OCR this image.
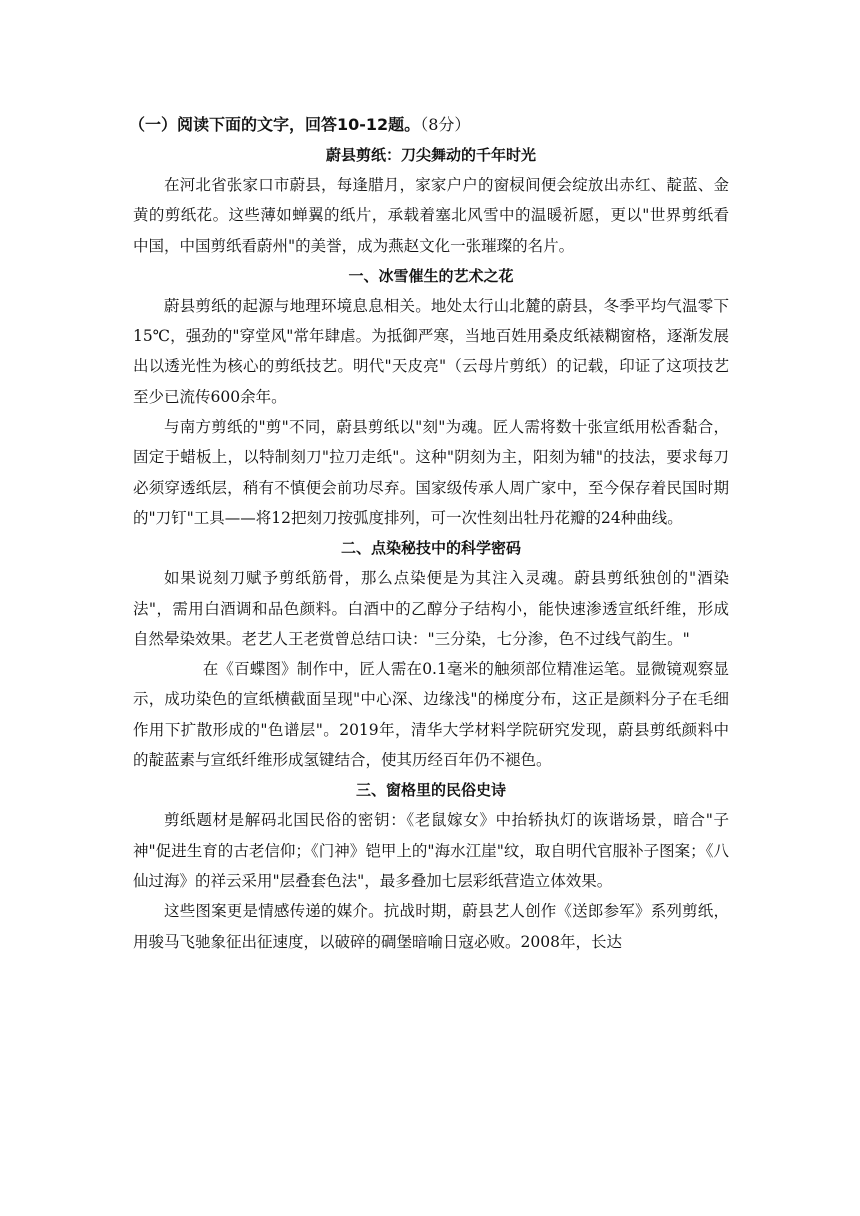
（一）阅读下面的文字，回答10-12题。（8分）
蔚县剪纸：刀尖舞动的千年时光

在河北省张家口市蔚县，每逢腊月，家家户户的窗棂间便会绽放出赤红、靛蓝、金黄的剪纸花。这些薄如蝉翼的纸片，承载着塞北风雪中的温暖祈愿，更以"世界剪纸看中国，中国剪纸看蔚州"的美誉，成为燕赵文化一张璀璨的名片。

一、冰雪催生的艺术之花

蔚县剪纸的起源与地理环境息息相关。地处太行山北麓的蔚县，冬季平均气温零下15℃，强劲的"穿堂风"常年肆虐。为抵御严寒，当地百姓用桑皮纸裱糊窗格，逐渐发展出以透光性为核心的剪纸技艺。明代"天皮亮"（云母片剪纸）的记载，印证了这项技艺至少已流传600余年。

与南方剪纸的"剪"不同，蔚县剪纸以"刻"为魂。匠人需将数十张宣纸用松香黏合，固定于蜡板上，以特制刻刀"拉刀走纸"。这种"阴刻为主，阳刻为辅"的技法，要求每刀必须穿透纸层，稍有不慎便会前功尽弃。国家级传承人周广家中，至今保存着民国时期的"刀钉"工具——将12把刻刀按弧度排列，可一次性刻出牡丹花瓣的24种曲线。

二、点染秘技中的科学密码

如果说刻刀赋予剪纸筋骨，那么点染便是为其注入灵魂。蔚县剪纸独创的"酒染法"，需用白酒调和品色颜料。白酒中的乙醇分子结构小，能快速渗透宣纸纤维，形成自然晕染效果。老艺人王老赏曾总结口诀："三分染，七分渗，色不过线气韵生。"

在《百蝶图》制作中，匠人需在0.1毫米的触须部位精准运笔。显微镜观察显示，成功染色的宣纸横截面呈现"中心深、边缘浅"的梯度分布，这正是颜料分子在毛细作用下扩散形成的"色谱层"。2019年，清华大学材料学院研究发现，蔚县剪纸颜料中的靛蓝素与宣纸纤维形成氢键结合，使其历经百年仍不褪色。

三、窗格里的民俗史诗

剪纸题材是解码北国民俗的密钥：《老鼠嫁女》中抬轿执灯的诙谐场景，暗合"子神"促进生育的古老信仰；《门神》铠甲上的"海水江崖"纹，取自明代官服补子图案；《八仙过海》的祥云采用"层叠套色法"，最多叠加七层彩纸营造立体效果。

这些图案更是情感传递的媒介。抗战时期，蔚县艺人创作《送郎参军》系列剪纸，用骏马飞驰象征出征速度，以破碎的碉堡暗喻日寇必败。2008年，长达
